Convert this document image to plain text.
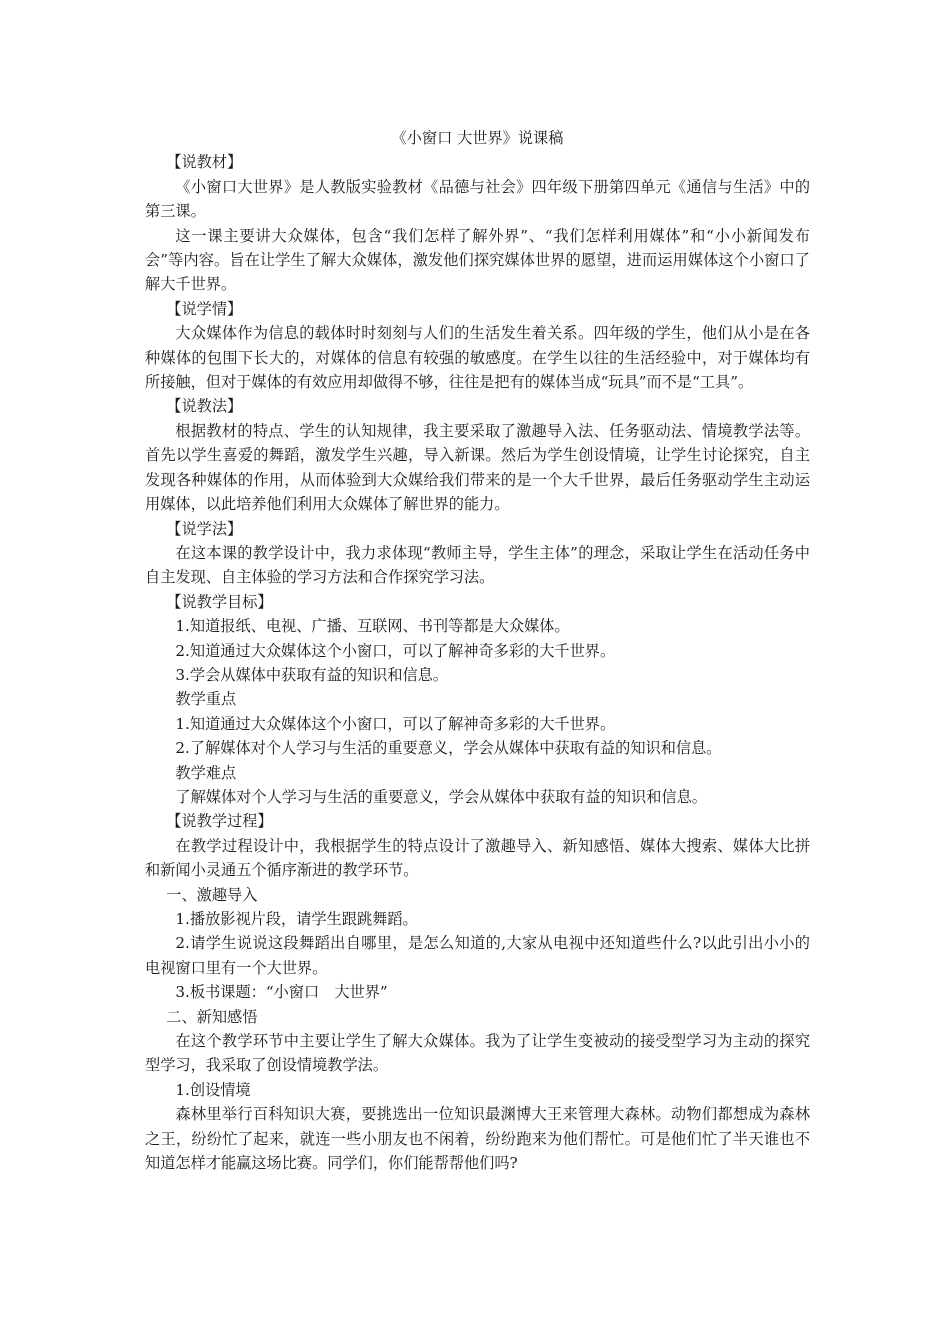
《小窗口 大世界》说课稿

【说教材】

《小窗口大世界》是人教版实验教材《品德与社会》四年级下册第四单元《通信与生活》中的第三课。

这一课主要讲大众媒体，包含“我们怎样了解外界”、“我们怎样利用媒体”和“小小新闻发布会”等内容。旨在让学生了解大众媒体，激发他们探究媒体世界的愿望，进而运用媒体这个小窗口了解大千世界。

【说学情】

大众媒体作为信息的载体时时刻刻与人们的生活发生着关系。四年级的学生，他们从小是在各种媒体的包围下长大的，对媒体的信息有较强的敏感度。在学生以往的生活经验中，对于媒体均有所接触，但对于媒体的有效应用却做得不够，往往是把有的媒体当成“玩具”而不是“工具”。

【说教法】

根据教材的特点、学生的认知规律，我主要采取了激趣导入法、任务驱动法、情境教学法等。首先以学生喜爱的舞蹈，激发学生兴趣，导入新课。然后为学生创设情境，让学生讨论探究，自主发现各种媒体的作用，从而体验到大众媒给我们带来的是一个大千世界，最后任务驱动学生主动运用媒体，以此培养他们利用大众媒体了解世界的能力。

【说学法】

在这本课的教学设计中，我力求体现“教师主导，学生主体”的理念，采取让学生在活动任务中自主发现、自主体验的学习方法和合作探究学习法。

【说教学目标】

1.知道报纸、电视、广播、互联网、书刊等都是大众媒体。

2.知道通过大众媒体这个小窗口，可以了解神奇多彩的大千世界。

3.学会从媒体中获取有益的知识和信息。

教学重点

1.知道通过大众媒体这个小窗口，可以了解神奇多彩的大千世界。

2.了解媒体对个人学习与生活的重要意义，学会从媒体中获取有益的知识和信息。

教学难点

了解媒体对个人学习与生活的重要意义，学会从媒体中获取有益的知识和信息。

【说教学过程】

在教学过程设计中，我根据学生的特点设计了激趣导入、新知感悟、媒体大搜索、媒体大比拼和新闻小灵通五个循序渐进的教学环节。

一、激趣导入

1.播放影视片段，请学生跟跳舞蹈。

2.请学生说说这段舞蹈出自哪里，是怎么知道的,大家从电视中还知道些什么?以此引出小小的电视窗口里有一个大世界。

3.板书课题：“小窗口　大世界”

二、新知感悟

在这个教学环节中主要让学生了解大众媒体。我为了让学生变被动的接受型学习为主动的探究型学习，我采取了创设情境教学法。

1.创设情境

森林里举行百科知识大赛，要挑选出一位知识最渊博大王来管理大森林。动物们都想成为森林之王，纷纷忙了起来，就连一些小朋友也不闲着，纷纷跑来为他们帮忙。可是他们忙了半天谁也不知道怎样才能赢这场比赛。同学们，你们能帮帮他们吗?
